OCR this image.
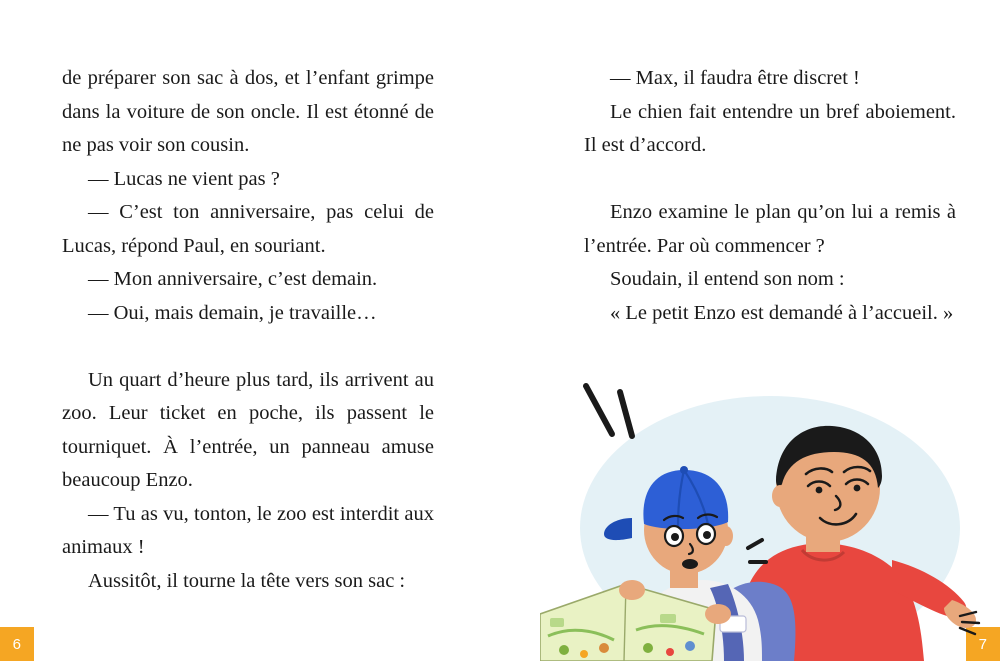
de préparer son sac à dos, et l’enfant grimpe dans la voiture de son oncle. Il est étonné de ne pas voir son cousin.

— Lucas ne vient pas ?

— C’est ton anniversaire, pas celui de Lucas, répond Paul, en souriant.

— Mon anniversaire, c’est demain.

— Oui, mais demain, je travaille…

Un quart d’heure plus tard, ils arrivent au zoo. Leur ticket en poche, ils passent le tourniquet. À l’entrée, un panneau amuse beaucoup Enzo.

— Tu as vu, tonton, le zoo est interdit aux animaux !

Aussitôt, il tourne la tête vers son sac :

6

— Max, il faudra être discret !

Le chien fait entendre un bref aboiement. Il est d’accord.

Enzo examine le plan qu’on lui a remis à l’entrée. Par où commencer ?

Soudain, il entend son nom :

« Le petit Enzo est demandé à l’accueil. »

7
